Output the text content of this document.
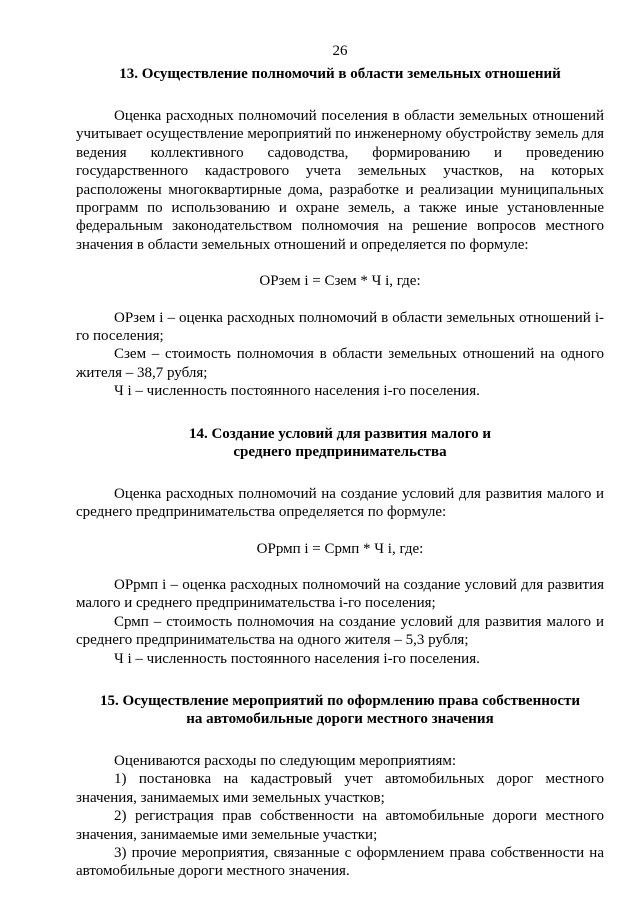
26
13. Осуществление полномочий в области земельных отношений

Оценка расходных полномочий поселения в области земельных отношений учитывает осуществление мероприятий по инженерному обустройству земель для ведения коллективного садоводства, формированию и проведению государственного кадастрового учета земельных участков, на которых расположены многоквартирные дома, разработке и реализации муниципальных программ по использованию и охране земель, а также иные установленные федеральным законодательством полномочия на решение вопросов местного значения в области земельных отношений и определяется по формуле:

ОРзем i = Сзем * Ч i, где:

ОРзем i – оценка расходных полномочий в области земельных отношений i-го поселения;

Сзем – стоимость полномочия в области земельных отношений на одного жителя – 38,7 рубля;

Ч i – численность постоянного населения i-го поселения.

14. Создание условий для развития малого и среднего предпринимательства

Оценка расходных полномочий на создание условий для развития малого и среднего предпринимательства определяется по формуле:

ОРрмп i = Срмп * Ч i, где:

ОРрмп i – оценка расходных полномочий на создание условий для развития малого и среднего предпринимательства i-го поселения;

Срмп – стоимость полномочия на создание условий для развития малого и среднего предпринимательства на одного жителя – 5,3 рубля;

Ч i – численность постоянного населения i-го поселения.

15. Осуществление мероприятий по оформлению права собственности
на автомобильные дороги местного значения

Оцениваются расходы по следующим мероприятиям:

1) постановка на кадастровый учет автомобильных дорог местного значения, занимаемых ими земельных участков;

2) регистрация прав собственности на автомобильные дороги местного значения, занимаемые ими земельные участки;

3) прочие мероприятия, связанные с оформлением права собственности на автомобильные дороги местного значения.
